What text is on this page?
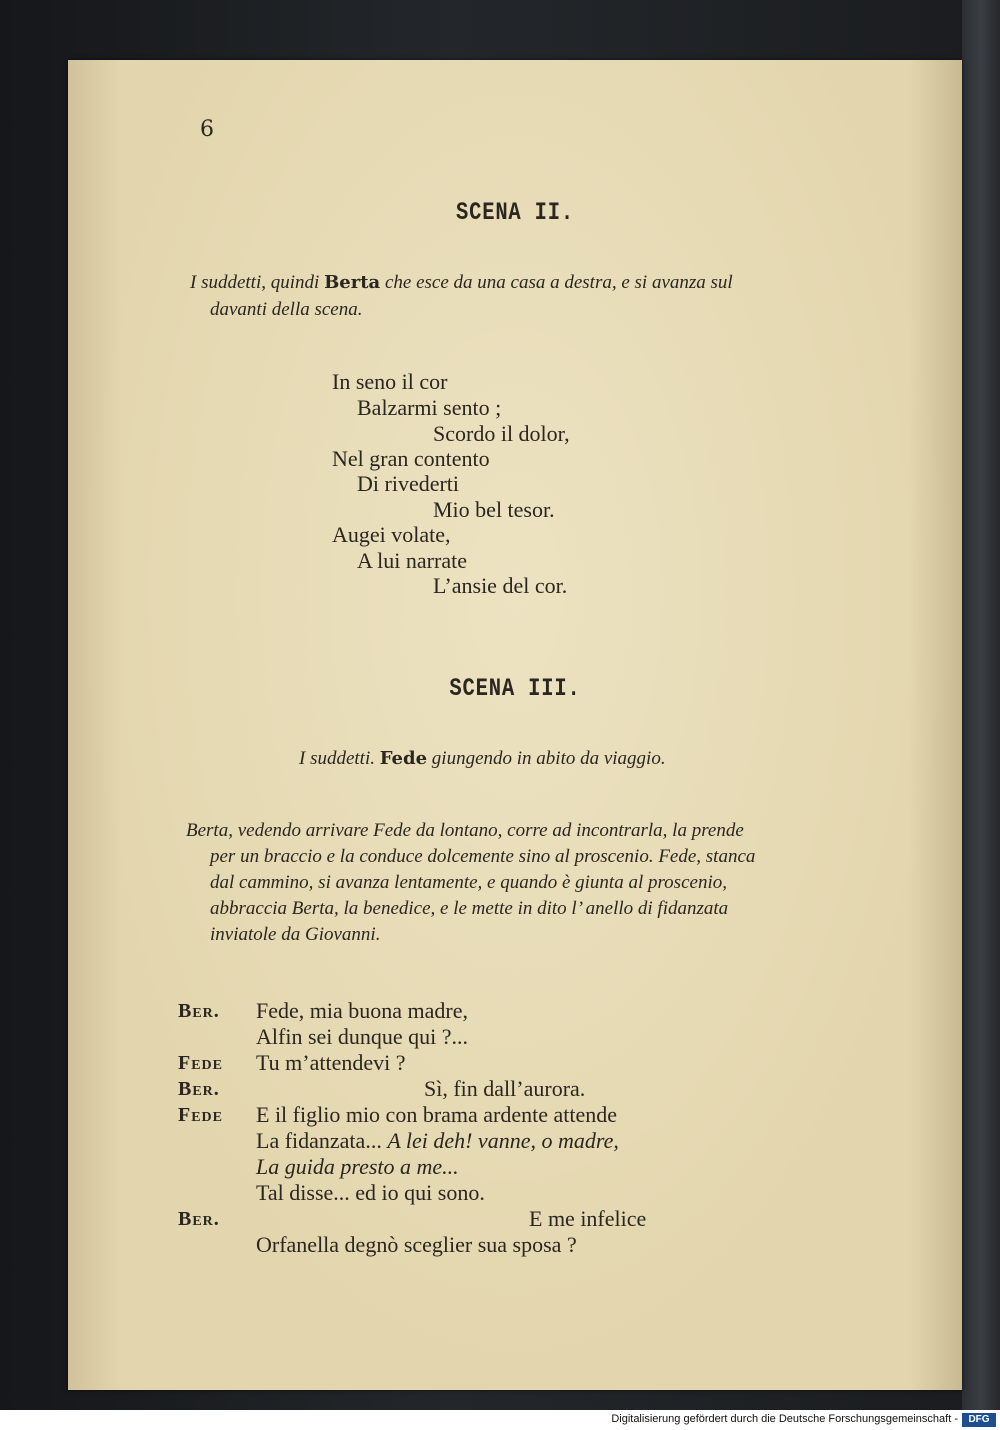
6

SCENA II.

I suddetti, quindi Berta che esce da una casa a destra, e si avanza sul

davanti della scena.

In seno il cor

Balzarmi sento ;

Scordo il dolor,

Nel gran contento

Di rivederti

Mio bel tesor.

Augei volate,

A lui narrate

L’ansie del cor.

SCENA III.

I suddetti. Fede giungendo in abito da viaggio.

Berta, vedendo arrivare Fede da lontano, corre ad incontrarla, la prende

per un braccio e la conduce dolcemente sino al proscenio. Fede, stanca

dal cammino, si avanza lentamente, e quando è giunta al proscenio,

abbraccia Berta, la benedice, e le mette in dito l’ anello di fidanzata

inviatole da Giovanni.

Ber. Fede, mia buona madre,

Alfin sei dunque qui ?...

Fede Tu m’attendevi ?

Ber.	Sì, fin dall’aurora.

Fede E il figlio mio con brama ardente attende

La fidanzata... A lei deh! vanne, o madre,

La guida presto a me...

Tal disse... ed io qui sono.

Ber.	E me infelice

Orfanella degnò sceglier sua sposa ?

Digitalisierung gefördert durch die Deutsche Forschungsgemeinschaft -	DFG
